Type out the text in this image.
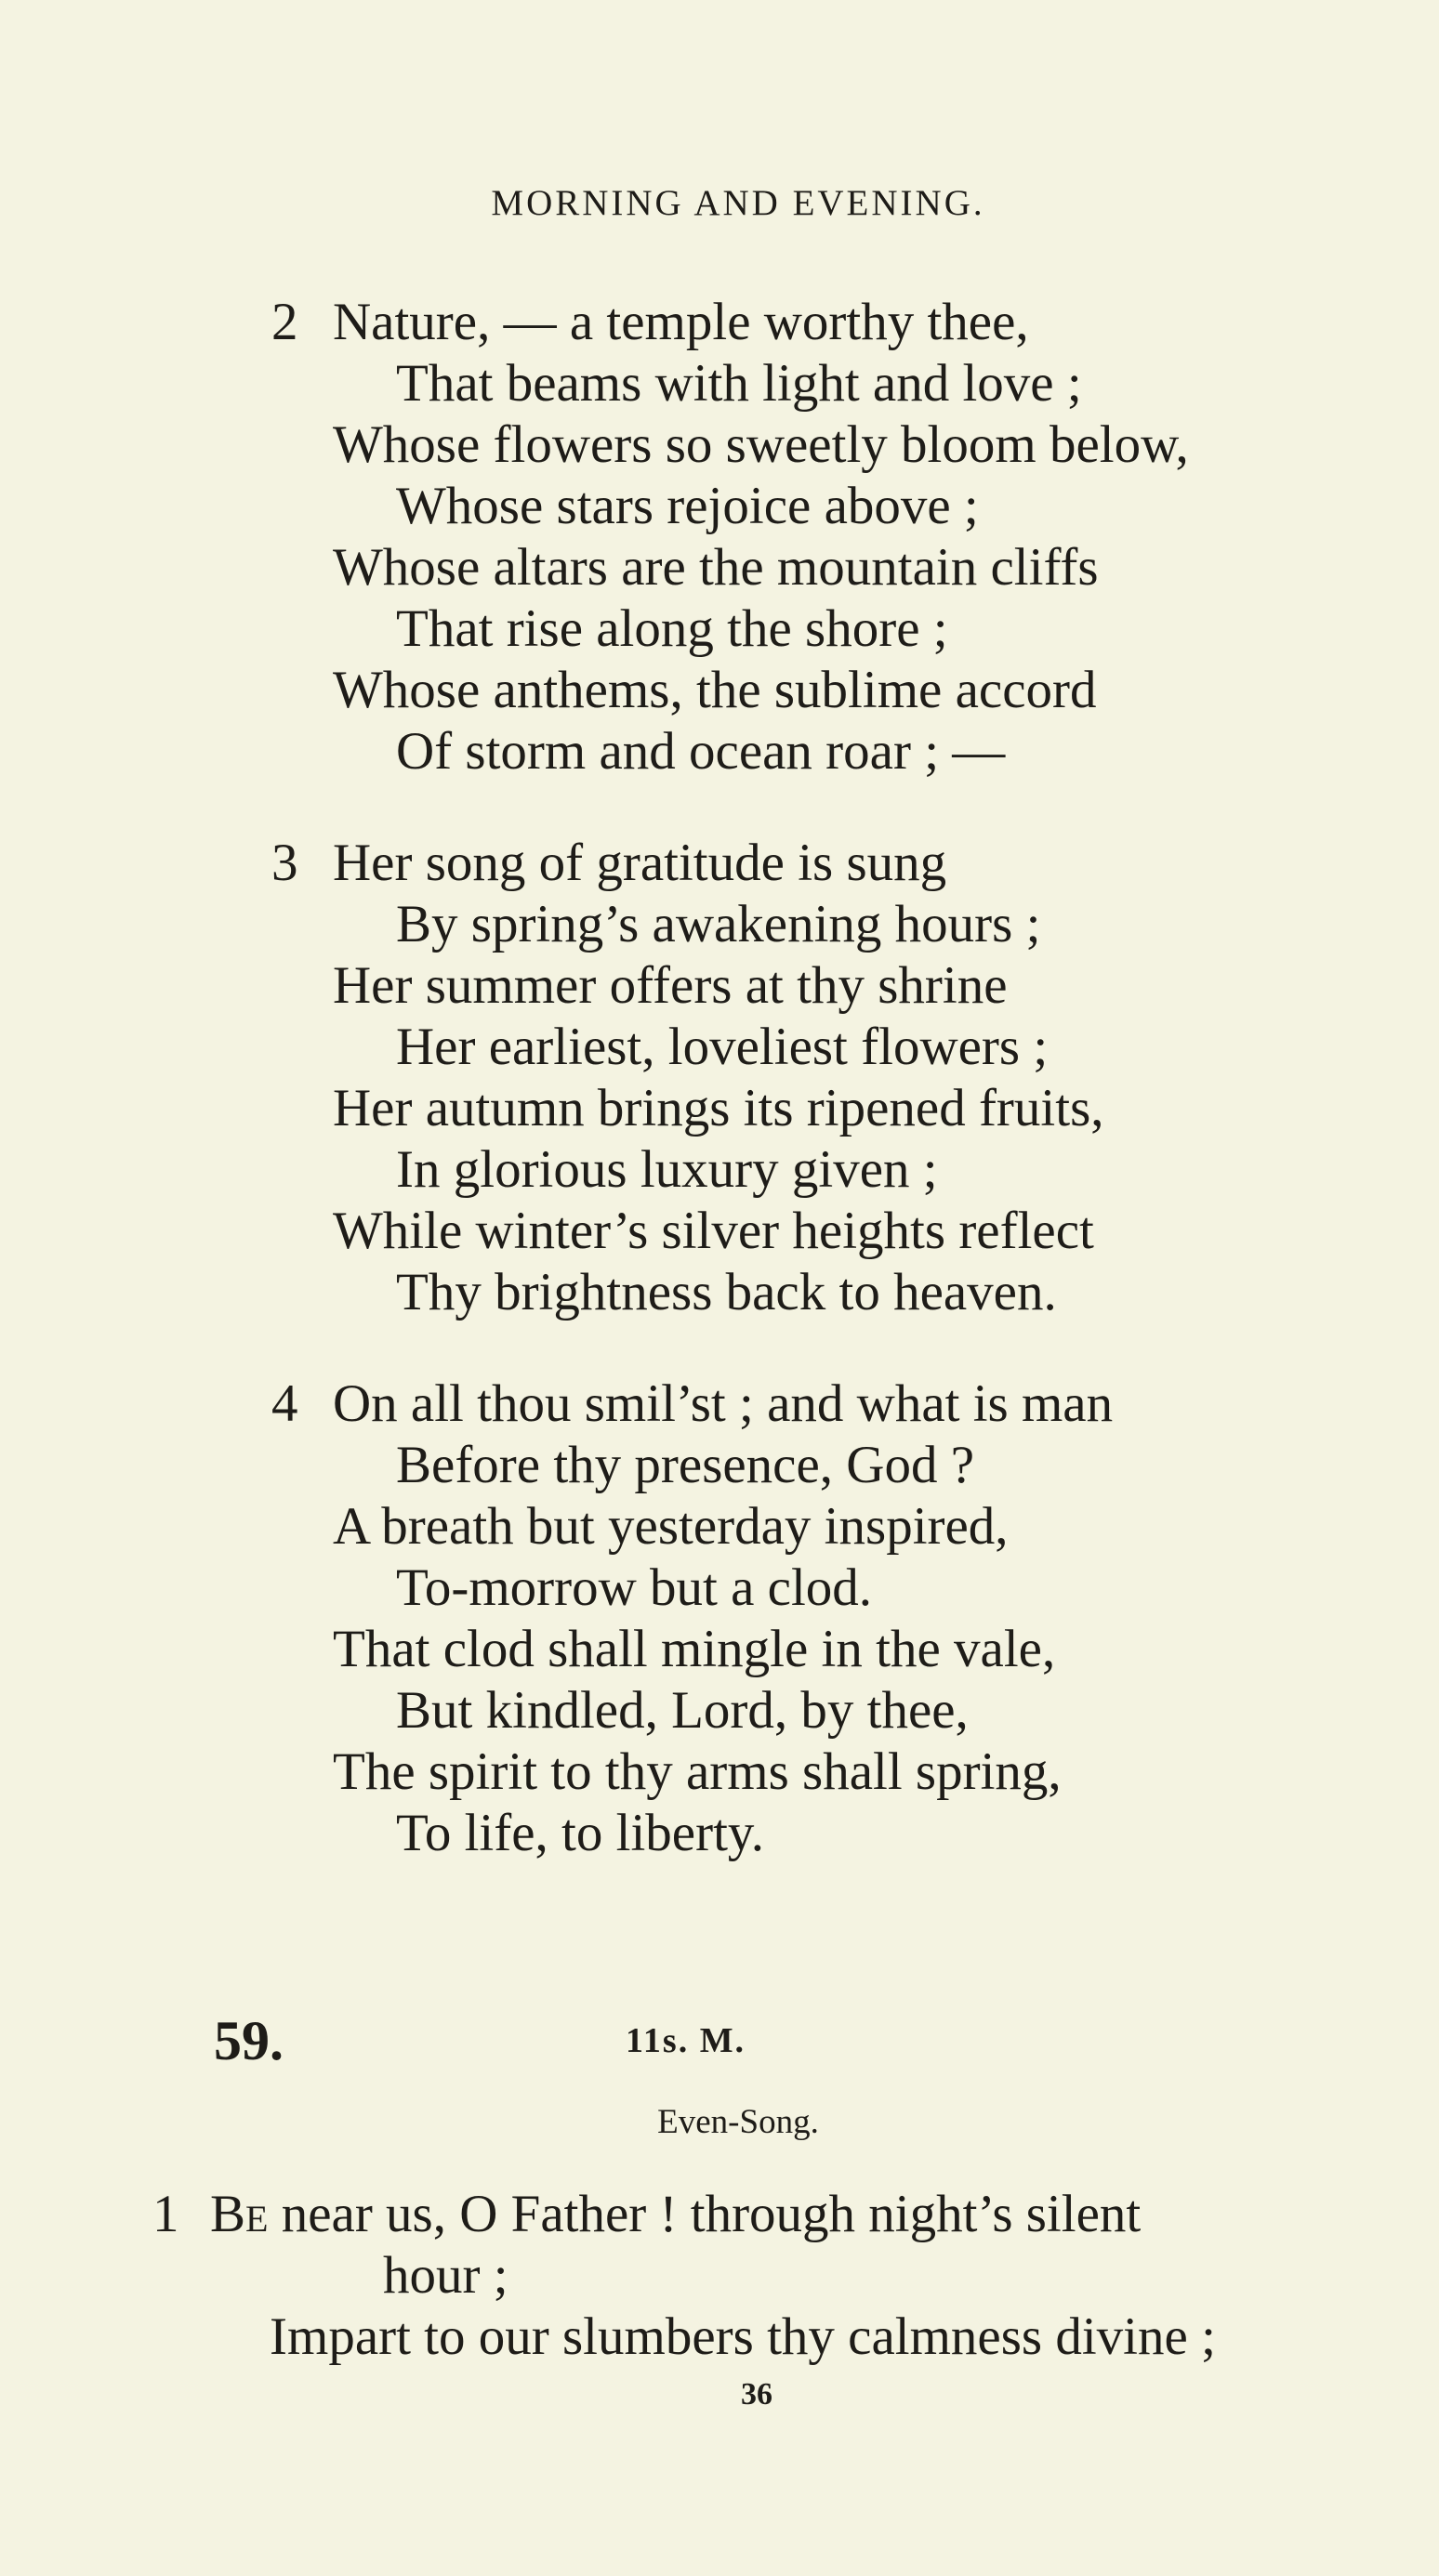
MORNING AND EVENING.
2 Nature, — a temple worthy thee,
That beams with light and love ;
Whose flowers so sweetly bloom below,
Whose stars rejoice above ;
Whose altars are the mountain cliffs
That rise along the shore ;
Whose anthems, the sublime accord
Of storm and ocean roar ; —
3 Her song of gratitude is sung
By spring’s awakening hours ;
Her summer offers at thy shrine
Her earliest, loveliest flowers ;
Her autumn brings its ripened fruits,
In glorious luxury given ;
While winter’s silver heights reflect
Thy brightness back to heaven.
4 On all thou smil’st ; and what is man
Before thy presence, God ?
A breath but yesterday inspired,
To-morrow but a clod.
That clod shall mingle in the vale,
But kindled, Lord, by thee,
The spirit to thy arms shall spring,
To life, to liberty.
59.	11s. M.
Even-Song.
1 Be near us, O Father ! through night’s silent
hour ;
Impart to our slumbers thy calmness divine ;
36
